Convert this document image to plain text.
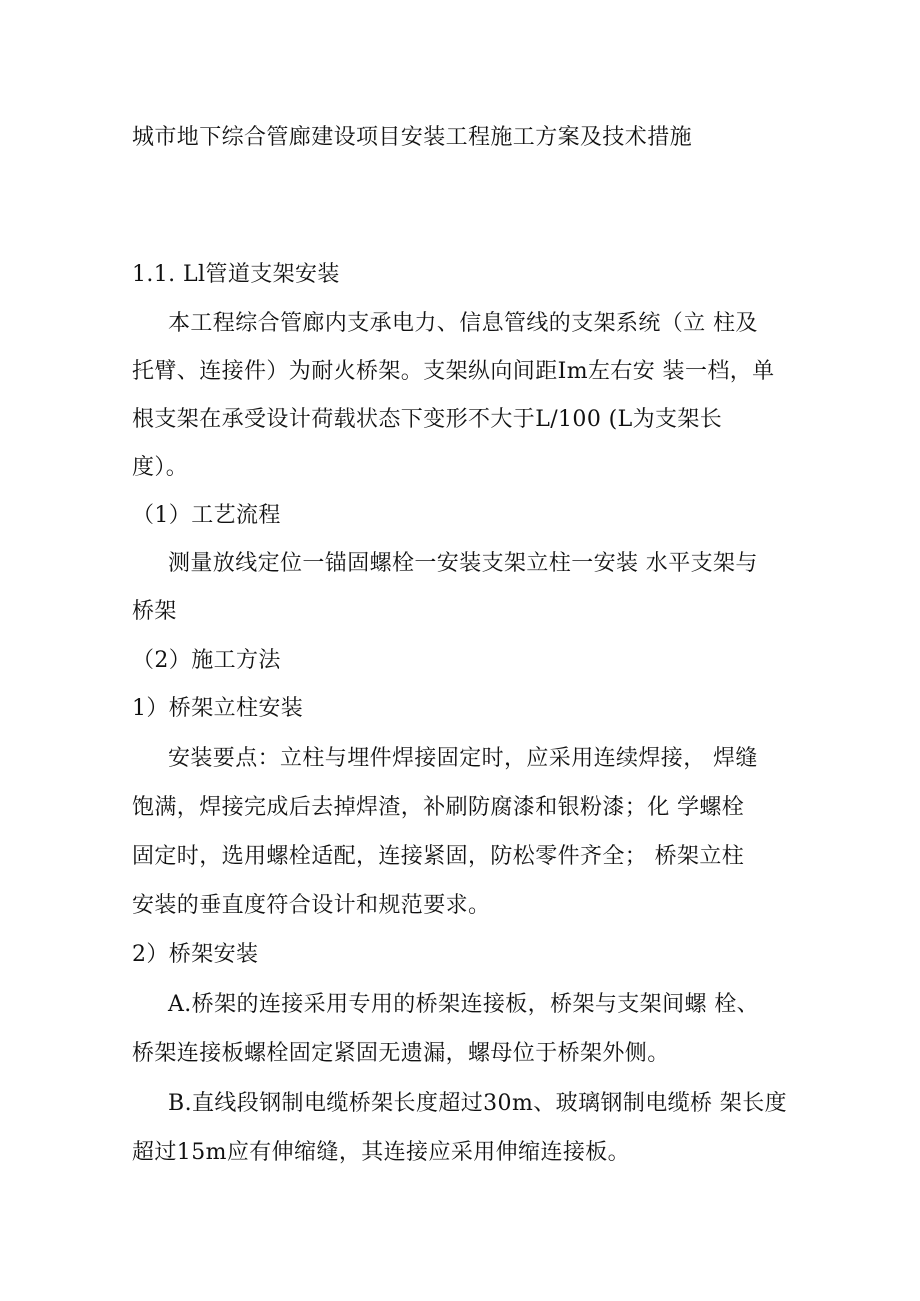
城市地下综合管廊建设项目安装工程施工方案及技术措施
1.1. Ll管道支架安装
本工程综合管廊内支承电力、信息管线的支架系统（立 柱及
托臂、连接件）为耐火桥架。支架纵向间距Im左右安 装一档，单
根支架在承受设计荷载状态下变形不大于L/100 (L为支架长
度）。
（1）工艺流程
测量放线定位一锚固螺栓一安装支架立柱一安装 水平支架与
桥架
（2）施工方法
1）桥架立柱安装
安装要点：立柱与埋件焊接固定时，应采用连续焊接， 焊缝
饱满，焊接完成后去掉焊渣，补刷防腐漆和银粉漆；化 学螺栓
固定时，选用螺栓适配，连接紧固，防松零件齐全； 桥架立柱
安装的垂直度符合设计和规范要求。
2）桥架安装
A.桥架的连接采用专用的桥架连接板，桥架与支架间螺 栓、
桥架连接板螺栓固定紧固无遗漏，螺母位于桥架外侧。
B.直线段钢制电缆桥架长度超过30m、玻璃钢制电缆桥 架长度
超过15m应有伸缩缝，其连接应采用伸缩连接板。
